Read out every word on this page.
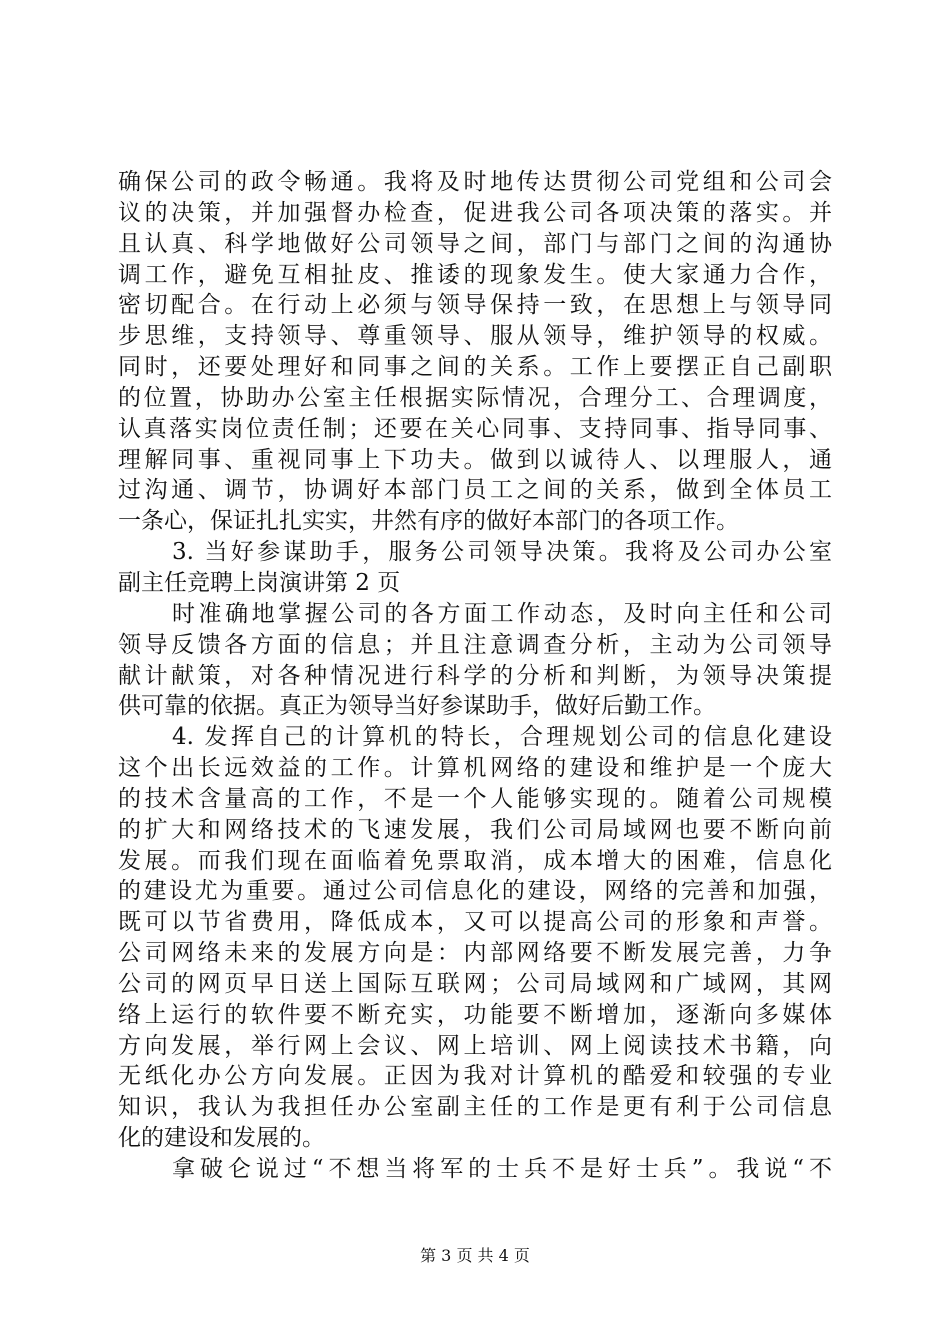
确保公司的政令畅通。我将及时地传达贯彻公司党组和公司会
议的决策，并加强督办检查，促进我公司各项决策的落实。并
且认真、科学地做好公司领导之间，部门与部门之间的沟通协
调工作，避免互相扯皮、推诿的现象发生。使大家通力合作，
密切配合。在行动上必须与领导保持一致，在思想上与领导同
步思维，支持领导、尊重领导、服从领导，维护领导的权威。
同时，还要处理好和同事之间的关系。工作上要摆正自己副职
的位置，协助办公室主任根据实际情况，合理分工、合理调度，
认真落实岗位责任制；还要在关心同事、支持同事、指导同事、
理解同事、重视同事上下功夫。做到以诚待人、以理服人，通
过沟通、调节，协调好本部门员工之间的关系，做到全体员工
一条心，保证扎扎实实，井然有序的做好本部门的各项工作。
3. 当好参谋助手，服务公司领导决策。我将及公司办公室
副主任竞聘上岗演讲第 2 页
时准确地掌握公司的各方面工作动态，及时向主任和公司
领导反馈各方面的信息；并且注意调查分析，主动为公司领导
献计献策，对各种情况进行科学的分析和判断，为领导决策提
供可靠的依据。真正为领导当好参谋助手，做好后勤工作。
4. 发挥自己的计算机的特长，合理规划公司的信息化建设
这个出长远效益的工作。计算机网络的建设和维护是一个庞大
的技术含量高的工作，不是一个人能够实现的。随着公司规模
的扩大和网络技术的飞速发展，我们公司局域网也要不断向前
发展。而我们现在面临着免票取消，成本增大的困难，信息化
的建设尤为重要。通过公司信息化的建设，网络的完善和加强，
既可以节省费用，降低成本，又可以提高公司的形象和声誉。
公司网络未来的发展方向是：内部网络要不断发展完善，力争
公司的网页早日送上国际互联网；公司局域网和广域网，其网
络上运行的软件要不断充实，功能要不断增加，逐渐向多媒体
方向发展，举行网上会议、网上培训、网上阅读技术书籍，向
无纸化办公方向发展。正因为我对计算机的酷爱和较强的专业
知识，我认为我担任办公室副主任的工作是更有利于公司信息
化的建设和发展的。
拿破仑说过“不想当将军的士兵不是好士兵”。我说“不
第 3 页 共 4 页
